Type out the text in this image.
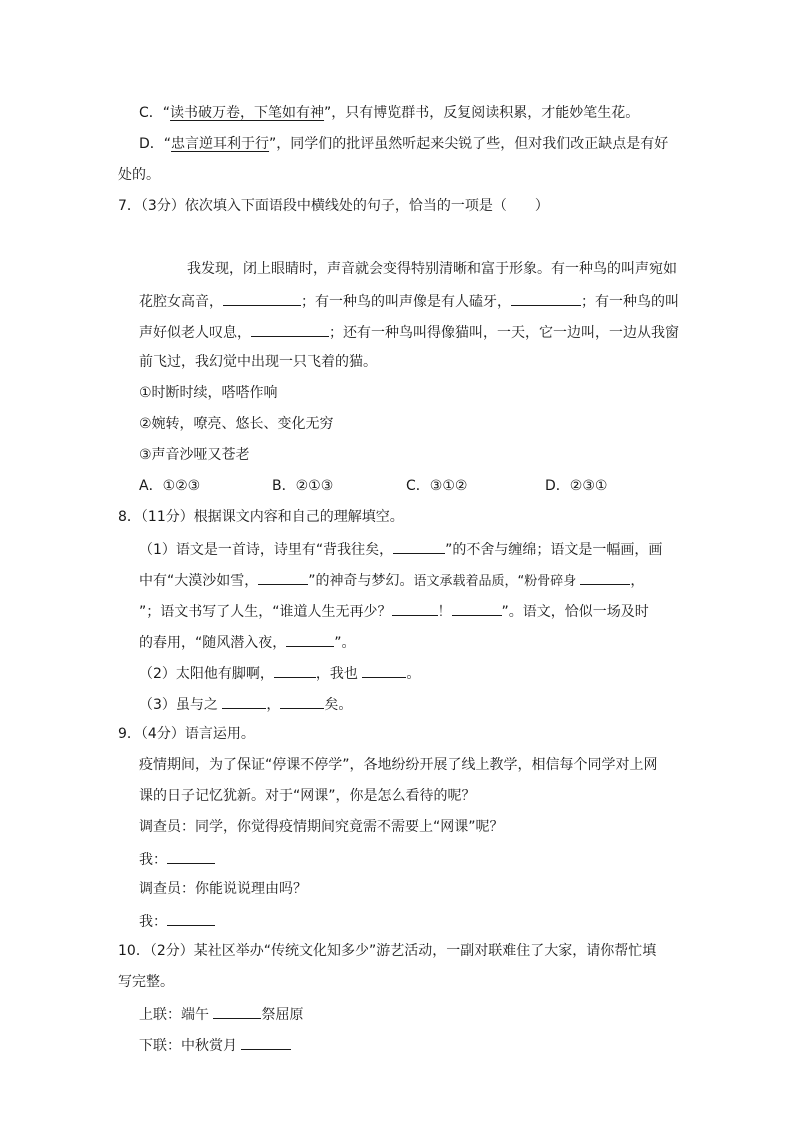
C．“读书破万卷，下笔如有神”，只有博览群书，反复阅读积累，才能妙笔生花。
D．“忠言逆耳利于行”，同学们的批评虽然听起来尖锐了些，但对我们改正缺点是有好
处的。
7．（3分）依次填入下面语段中横线处的句子，恰当的一项是（　　）
我发现，闭上眼睛时，声音就会变得特别清晰和富于形象。有一种鸟的叫声宛如
花腔女高音，	；有一种鸟的叫声像是有人磕牙，	；有一种鸟的叫
声好似老人叹息，	；还有一种鸟叫得像猫叫，一天，它一边叫，一边从我窗
前飞过，我幻觉中出现一只飞着的猫。
①时断时续，嗒嗒作响
②婉转，嘹亮、悠长、变化无穷
③声音沙哑又苍老
A．①②③	B．②①③	C．③①②	D．②③①
8．（11分）根据课文内容和自己的理解填空。
（1）语文是一首诗，诗里有“背我往矣，	”的不舍与缠绵；语文是一幅画，画
中有“大漠沙如雪，	”的神奇与梦幻。语文承载着品质，“粉骨碎身	，
”；语文书写了人生，“谁道人生无再少？	！	”。语文，恰似一场及时
的春用，“随风潜入夜，	”。
（2）太阳他有脚啊，	，我也	。
（3）虽与之	，	矣。
9．（4分）语言运用。
疫情期间，为了保证“停课不停学”，各地纷纷开展了线上教学，相信每个同学对上网
课的日子记忆犹新。对于“网课”，你是怎么看待的呢？
调查员：同学，你觉得疫情期间究竟需不需要上“网课”呢？
我：
调查员：你能说说理由吗？
我：
10．（2分）某社区举办“传统文化知多少”游艺活动，一副对联难住了大家，请你帮忙填
写完整。
上联：端午	祭屈原
下联：中秋赏月
